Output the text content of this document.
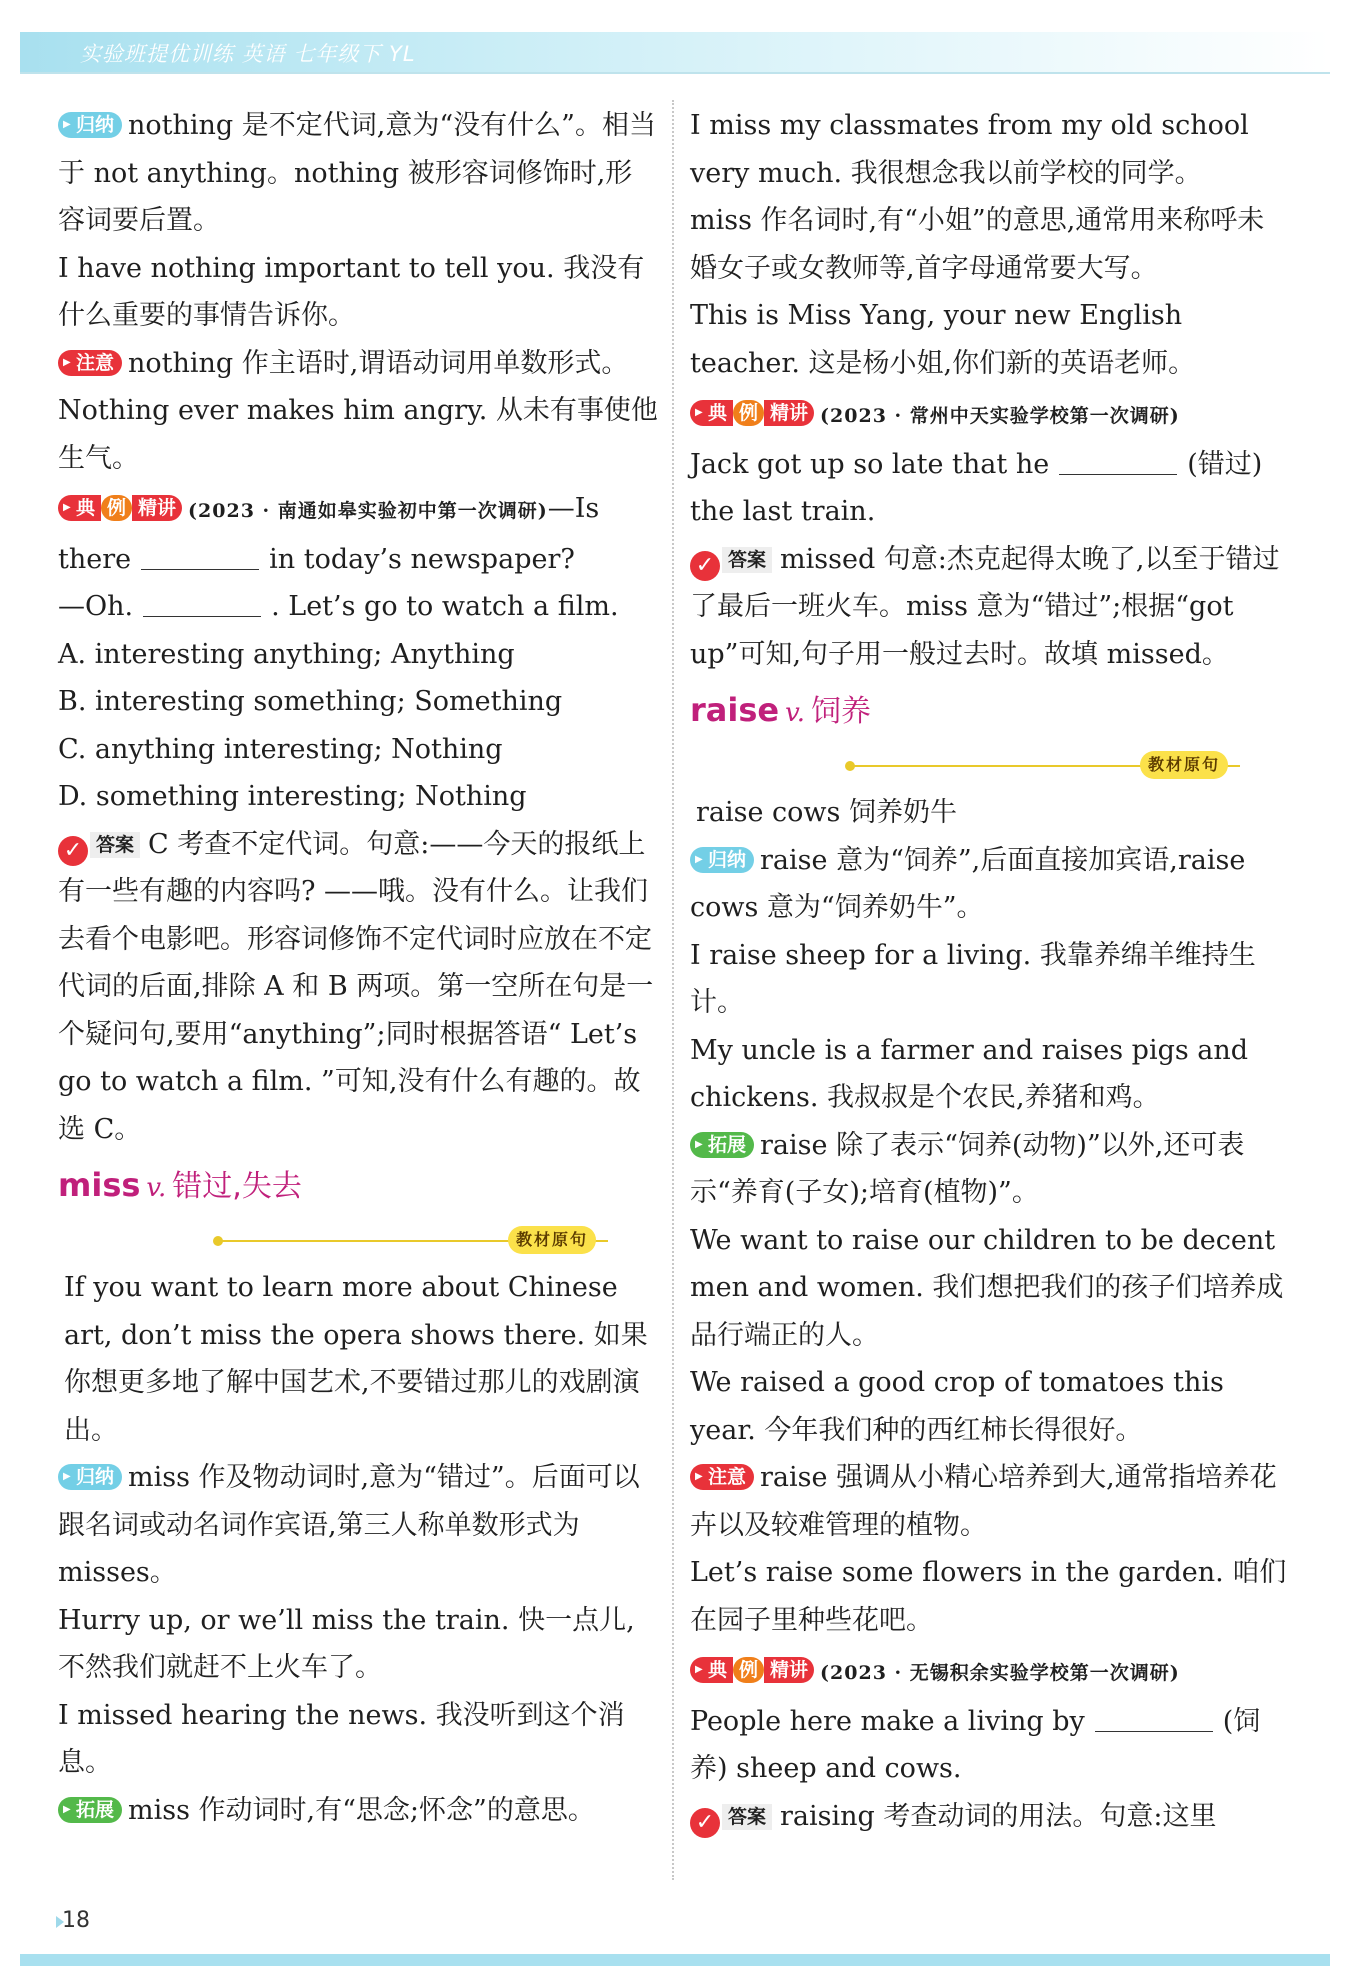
实验班提优训练 英语 七年级下 YL

▶ 归纳 nothing 是不定代词,意为“没有什么”。相当于 not anything。nothing 被形容词修饰时,形容词要后置。

I have nothing important to tell you. 我没有什么重要的事情告诉你。

▶ 注意 nothing 作主语时,谓语动词用单数形式。

Nothing ever makes him angry. 从未有事使他生气。

▶ 典 例 精讲 (2023 · 南通如皋实验初中第一次调研)—Is

there	in today’s newspaper?

—Oh.	. Let’s go to watch a film.

A. interesting anything; Anything

B. interesting something; Something

C. anything interesting; Nothing

D. something interesting; Nothing

✓ 答案 C 考查不定代词。句意:——今天的报纸上有一些有趣的内容吗? ——哦。没有什么。让我们去看个电影吧。形容词修饰不定代词时应放在不定代词的后面,排除 A 和 B 两项。第一空所在句是一个疑问句,要用“anything”;同时根据答语“ Let’s go to watch a film. ”可知,没有什么有趣的。故选 C。

miss v. 错过,失去

教材原句

If you want to learn more about Chinese art, don’t miss the opera shows there. 如果你想更多地了解中国艺术,不要错过那儿的戏剧演出。

▶ 归纳 miss 作及物动词时,意为“错过”。后面可以跟名词或动名词作宾语,第三人称单数形式为 misses。

Hurry up, or we’ll miss the train. 快一点儿,不然我们就赶不上火车了。

I missed hearing the news. 我没听到这个消息。

▶ 拓展 miss 作动词时,有“思念;怀念”的意思。

I miss my classmates from my old school very much. 我很想念我以前学校的同学。

miss 作名词时,有“小姐”的意思,通常用来称呼未婚女子或女教师等,首字母通常要大写。

This is Miss Yang, your new English teacher. 这是杨小姐,你们新的英语老师。

▶ 典 例 精讲 (2023 · 常州中天实验学校第一次调研)

Jack got up so late that he	(错过) the last train.

✓ 答案 missed 句意:杰克起得太晚了,以至于错过了最后一班火车。miss 意为“错过”;根据“got up”可知,句子用一般过去时。故填 missed。

raise v. 饲养

教材原句

raise cows 饲养奶牛

▶ 归纳 raise 意为“饲养”,后面直接加宾语,raise cows 意为“饲养奶牛”。

I raise sheep for a living. 我靠养绵羊维持生计。

My uncle is a farmer and raises pigs and chickens. 我叔叔是个农民,养猪和鸡。

▶ 拓展 raise 除了表示“饲养(动物)”以外,还可表示“养育(子女);培育(植物)”。

We want to raise our children to be decent men and women. 我们想把我们的孩子们培养成品行端正的人。

We raised a good crop of tomatoes this year. 今年我们种的西红柿长得很好。

▶ 注意 raise 强调从小精心培养到大,通常指培养花卉以及较难管理的植物。

Let’s raise some flowers in the garden. 咱们在园子里种些花吧。

▶ 典 例 精讲 (2023 · 无锡积余实验学校第一次调研)

People here make a living by	(饲养) sheep and cows.

✓ 答案 raising 考查动词的用法。句意:这里

18
